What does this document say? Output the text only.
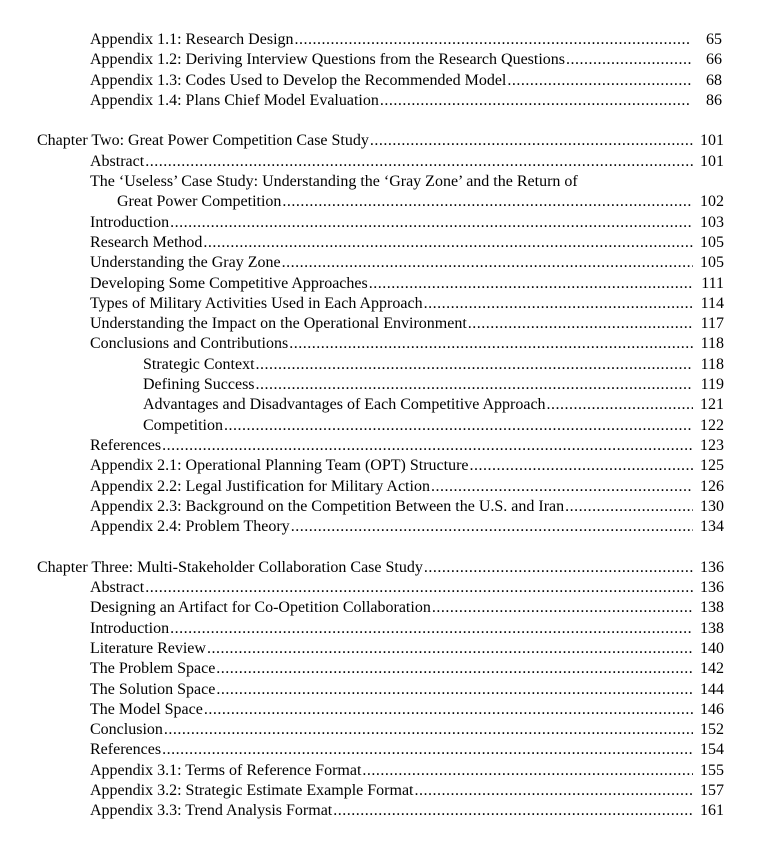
Appendix 1.1: Research Design .....	65
Appendix 1.2: Deriving Interview Questions from the Research Questions .....	66
Appendix 1.3: Codes Used to Develop the Recommended Model .....	68
Appendix 1.4: Plans Chief Model Evaluation .....	86
Chapter Two: Great Power Competition Case Study .....	101
Abstract .....	101
The ‘Useless’ Case Study: Understanding the ‘Gray Zone’ and the Return of
Great Power Competition .....	102
Introduction .....	103
Research Method .....	105
Understanding the Gray Zone .....	105
Developing Some Competitive Approaches .....	111
Types of Military Activities Used in Each Approach .....	114
Understanding the Impact on the Operational Environment .....	117
Conclusions and Contributions .....	118
Strategic Context .....	118
Defining Success .....	119
Advantages and Disadvantages of Each Competitive Approach .....	121
Competition .....	122
References .....	123
Appendix 2.1: Operational Planning Team (OPT) Structure .....	125
Appendix 2.2: Legal Justification for Military Action .....	126
Appendix 2.3: Background on the Competition Between the U.S. and Iran .....	130
Appendix 2.4: Problem Theory .....	134
Chapter Three: Multi-Stakeholder Collaboration Case Study .....	136
Abstract .....	136
Designing an Artifact for Co-Opetition Collaboration .....	138
Introduction .....	138
Literature Review .....	140
The Problem Space .....	142
The Solution Space .....	144
The Model Space .....	146
Conclusion .....	152
References .....	154
Appendix 3.1: Terms of Reference Format .....	155
Appendix 3.2: Strategic Estimate Example Format .....	157
Appendix 3.3: Trend Analysis Format .....	161
